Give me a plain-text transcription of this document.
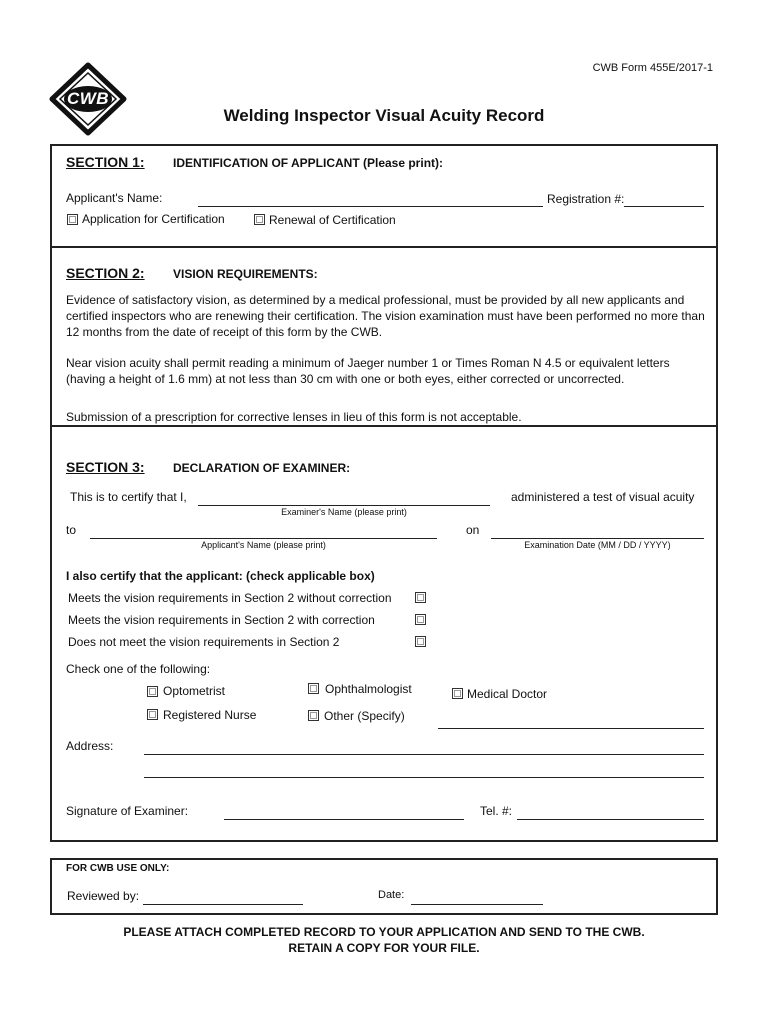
CWB
CWB Form 455E/2017-1
Welding Inspector Visual Acuity Record
SECTION 1: IDENTIFICATION OF APPLICANT (Please print):
Applicant's Name:	Registration #:
Application for Certification	Renewal of Certification
SECTION 2: VISION REQUIREMENTS:
Evidence of satisfactory vision, as determined by a medical professional, must be provided by all new applicants and certified inspectors who are renewing their certification. The vision examination must have been performed no more than 12 months from the date of receipt of this form by the CWB.
Near vision acuity shall permit reading a minimum of Jaeger number 1 or Times Roman N 4.5 or equivalent letters (having a height of 1.6 mm) at not less than 30 cm with one or both eyes, either corrected or uncorrected.
Submission of a prescription for corrective lenses in lieu of this form is not acceptable.
SECTION 3: DECLARATION OF EXAMINER:
This is to certify that I,	administered a test of visual acuity
Examiner's Name (please print)
to	on
Applicant's Name (please print)	Examination Date (MM / DD / YYYY)
I also certify that the applicant: (check applicable box)
Meets the vision requirements in Section 2 without correction
Meets the vision requirements in Section 2 with correction
Does not meet the vision requirements in Section 2
Check one of the following:
Optometrist	Ophthalmologist	Medical Doctor
Registered Nurse	Other (Specify)
Address:
Signature of Examiner:	Tel. #:
FOR CWB USE ONLY:
Reviewed by:	Date:
PLEASE ATTACH COMPLETED RECORD TO YOUR APPLICATION AND SEND TO THE CWB.
RETAIN A COPY FOR YOUR FILE.
